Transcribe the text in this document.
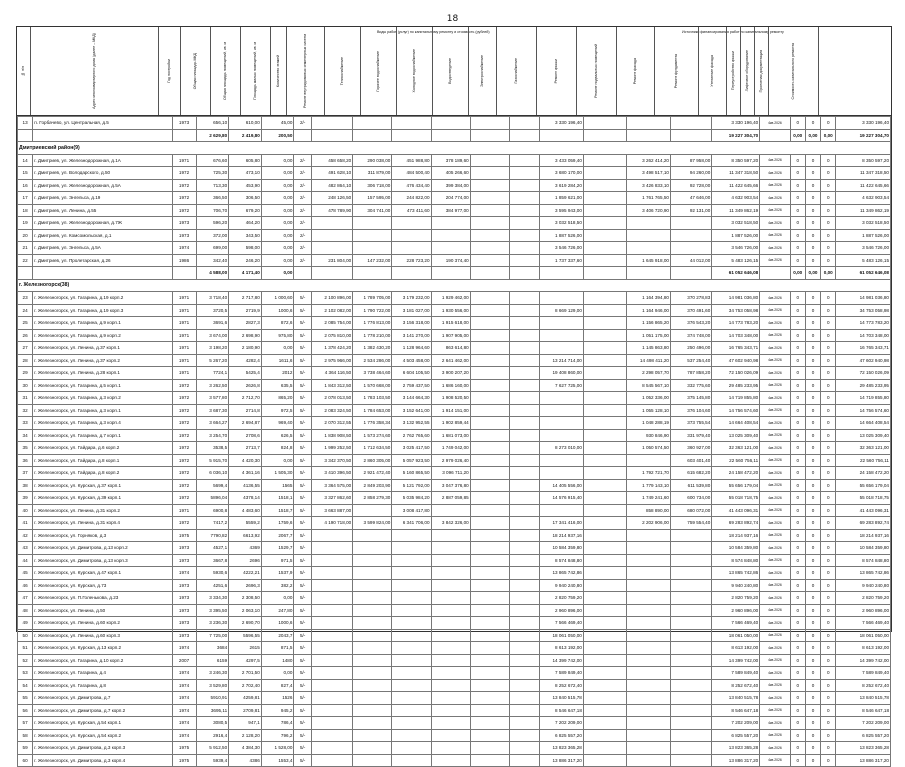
18
Виды работ (услуг) по капитальному ремонту и стоимость (рублей)	Источники финансирования работ по капитальному ремонту
№ п/п	Адрес многоквартирного дома (далее – МКД)	Год постройки	Общая площадь МКД	Общая площадь помещений, кв. м	Площадь жилых помещений, кв. м	Количество этажей	Ремонт внутридомовых инженерных систем	Теплоснабжение	Горячее водоснабжение	Холодное водоснабжение	Водоотведение	Электроснабжение	Газоснабжение	Ремонт крыши	Ремонт подвальных помещений	Ремонт фасада	Ремонт фундамента	Утепление фасада	Переустройство крыши	Лифтовое оборудование	Проектная документация	Стоимость капитального ремонта
13	п. Горбачево, ул. Центральная, д.5	1973	656,10	610,00	45,00	2/-							3 330 196,40				3 330 196,40	4кв.2026	0	0	0	3 330 196,40
			2 629,80	2 419,80	200,50												19 227 304,70		0,00	0,00	0,00	19 227 304,70
Дмитриевский район(9)																						
14	г. Дмитриев, ул. Железнодорожная, д.1А	1971	676,60	605,80	0,00	2/-	458 658,20	290 038,00	451 988,80	378 189,60			3 433 059,40		3 262 414,20	87 958,00	8 350 597,20	4кв.2026	0	0	0	8 350 597,20
15	г. Дмитриев, ул. Володарского, д.50	1972	725,30	473,10	0,00	2/-	491 628,10	311 879,00	484 500,40	405 266,60			3 680 170,00		3 498 517,10	94 260,00	11 347 318,50	4кв.2026	0	0	0	11 347 318,50
16	г. Дмитриев, ул. Железнодорожная, д.5А	1972	713,30	453,90	0,00	2/-	482 864,10	306 718,00	476 434,40	399 384,00			3 619 284,20		3 426 833,10	92 728,00	11 422 645,66	4кв.2026	0	0	0	11 422 645,66
17	г. Дмитриев, ул. Энгельса, д.19	1972	366,50	306,50	0,00	2/-	248 126,50	157 595,00	244 822,00	204 774,00			1 859 621,00		1 761 765,50	47 646,00	4 632 903,54	4кв.2026	0	0	0	4 632 903,54
18	г. Дмитриев, ул. Ленина, д.55	1972	706,70	679,20	0,00	2/-	478 789,90	304 741,00	473 411,60	384 977,00			3 595 943,00		3 406 720,90	92 131,00	11 349 862,19	4кв.2026	0	0	0	11 349 862,19
19	г. Дмитриев, ул. Железнодорожная, д.7Ж	1973	596,20	464,20	0,00	2/-							3 032 518,50				3 032 518,50	4кв.2026	0	0	0	3 032 518,50
20	г. Дмитриев, ул. Комсомольская, д.1	1973	372,00	343,50	0,00	2/-							1 887 526,00				1 887 526,00	4кв.2026	0	0	0	1 887 526,00
21	г. Дмитриев, ул. Энгельса, д.5А	1974	699,00	598,00	0,00	2/-							3 546 726,00				3 546 726,00	4кв.2026	0	0	0	3 546 726,00
22	г. Дмитриев, ул. Пролетарская, д.26	1986	342,40	246,20	0,00	2/-	231 804,00	147 232,00	228 723,20	190 374,40			1 737 337,60		1 645 918,00	44 012,00	5 483 126,15	4кв.2026	0	0	0	5 483 126,15
			4 588,00	4 171,40	0,00												61 052 646,08		0,00	0,00	0,00	61 052 646,08
г. Железногорск(38)																						
23	г. Железногорск, ул. Гагарина, д.19 корп.2	1971	3 718,40	2 717,80	1 000,60	5/-	2 100 896,00	1 789 705,00	3 179 232,00	1 929 462,00					1 164 394,80	370 278,83	14 981 036,80	4кв.2026	0	0	0	14 981 036,80
24	г. Железногорск, ул. Гагарина, д.19 корп.3	1971	3720,5	2719,9	1000,6	5/-	2 102 082,00	1 790 722,00	3 181 027,00	1 930 556,00			8 669 129,00		1 164 946,00	370 491,60	34 753 058,98	4кв.2026	0	0	0	34 753 058,98
25	г. Железногорск, ул. Гагарина, д.9 корп.1	1971	3691,6	2827,3	872,6	5/-	2 085 754,00	1 776 813,00	3 156 318,00	1 915 618,00					1 156 865,20	376 543,20	14 773 783,20	4кв.2026	0	0	0	14 773 783,20
26	г. Железногорск, ул. Гагарина, д.9 корп.2	1971	3 674,00	2 698,90	975,80	5/-	2 075 810,00	1 778 210,00	3 141 270,00	1 907 905,00					1 051 175,00	374 748,00	14 703 348,00	4кв.2026	0	0	0	14 703 348,00
27	г. Железногорск, ул. Ленина, д.37 корп.1	1971	3 198,20	2 180,90	0,00	5/-	1 378 424,20	1 382 430,20	1 128 964,60	863 614,80					1 145 863,80	250 496,00	16 765 343,71	4кв.2026	0	0	0	16 765 343,71
28	г. Железногорск, ул. Ленина, д.37 корп.2	1971	5 267,20	4282,4	1611,6	5/-	2 975 966,00	2 534 286,00	4 503 458,00	2 641 462,00			13 214 714,00		14 498 411,20	537 254,40	47 602 940,98	4кв.2026	0	0	0	47 602 940,98
29	г. Железногорск, ул. Ленина, д.28 корп.1	1971	7724,1	5425,4	2012	5/-	4 364 116,50	3 738 464,60	6 604 105,50	3 900 207,20			19 408 860,00		2 298 057,70	787 858,20	72 150 026,09	4кв.2026	0	0	0	72 150 026,09
30	г. Железногорск, ул. Гагарина, д.5 корп.1	1972	3 262,50	2626,8	635,5	5/-	1 843 312,50	1 570 668,00	2 759 437,50	1 686 160,00			7 627 725,00		8 545 567,10	332 775,60	29 485 233,95	4кв.2026	0	0	0	29 485 233,95
31	г. Железногорск, ул. Гагарина, д.3 корп.2	1972	3 577,80	2 712,70	865,20	5/-	2 078 013,50	1 783 103,50	3 144 664,30	1 908 520,50					1 052 336,00	375 145,80	14 719 855,80	4кв.2026	0	0	0	14 719 855,80
32	г. Железногорск, ул. Гагарина, д.3 корп.1	1972	3 687,30	2714,8	972,5	5/-	2 083 324,50	1 784 653,00	3 152 641,00	1 914 151,00					1 055 128,10	376 104,60	14 756 574,60	4кв.2026	0	0	0	14 756 574,60
33	г. Железногорск, ул. Гагарина, д.3 корп.4	1972	3 664,27	2 694,87	969,40	5/-	2 070 312,55	1 776 358,34	3 132 952,55	1 902 859,44					1 048 288,19	373 755,54	14 664 408,54	4кв.2026	0	0	0	14 664 408,54
34	г. Железногорск, ул. Гагарина, д.7 корп.1	1972	3 254,70	2708,6	626,5	5/-	1 838 908,50	1 573 274,60	2 762 765,60	1 681 073,00					930 846,90	331 979,40	13 025 309,40	4кв.2026	0	0	0	13 025 309,40
35	г. Железногорск, ул. Гайдара, д.6 корп.2	1972	3538,5	2713,7	824,8	5/-	1 999 252,50	1 712 634,50	3 025 417,50	1 749 042,00			8 273 010,00		1 050 574,50	360 927,00	32 363 121,00	4кв.2026	0	0	0	32 363 121,00
36	г. Железногорск, ул. Гайдара, д.8 корп.1	1972	5 915,70	4 420,30	0,00	5/-	3 342 370,50	2 860 305,00	5 057 923,50	2 979 026,40						603 401,40	22 560 756,11	4кв.2026	0	0	0	22 560 756,11
37	г. Железногорск, ул. Гайдара, д.8 корп.2	1972	6 036,10	4 361,16	1 505,30	5/-	3 410 396,50	2 921 472,40	5 160 865,50	3 096 711,20					1 792 721,70	615 682,20	24 158 472,20	4кв.2026	0	0	0	24 158 472,20
38	г. Железногорск, ул. Курская, д.37 корп.1	1972	5699,4	4136,55	1565	5/-	3 364 575,00	2 849 203,90	5 121 792,00	3 047 376,80			14 405 556,00		1 779 143,10	611 539,80	55 656 179,04	4кв.2026	0	0	0	55 656 179,04
39	г. Железногорск, ул. Курская, д.39 корп.1	1972	5896,04	4378,14	1518,1	5/-	3 327 862,60	2 858 279,30	5 035 984,20	2 887 059,85			14 576 915,40		1 749 241,60	600 734,00	55 018 718,75	4кв.2026	0	0	0	55 018 718,75
40	г. Железногорск, ул. Ленина, д.31 корп.2	1971	6900,8	4 483,60	1518,7	5/-	3 663 887,00		3 008 417,80						858 890,00	680 072,00	41 443 096,31	4кв.2026	0	0	0	41 443 096,31
41	г. Железногорск, ул. Ленина, д.31 корп.4	1972	7417,2	5559,2	1759,6	5/-	4 190 718,00	3 599 824,00	6 341 706,00	3 842 326,00			17 341 416,00		2 202 906,00	759 554,40	69 283 892,74	4кв.2026	0	0	0	69 283 892,74
42	г. Железногорск, ул. Горняков, д.3	1975	7790,82	6613,92	2067,7	5/-							18 214 937,16				18 214 937,16	4кв.2026	0	0	0	18 214 937,16
43	г. Железногорск, ул. Димитрова, д.13 корп.2	1973	4527,1	4369	1529,7	5/-							10 584 359,80				10 584 359,80	4кв.2026	0	0	0	10 584 359,80
44	г. Железногорск, ул. Димитрова, д.13 корп.3	1973	3667,8	2696	971,5	5/-							8 574 848,80				8 574 848,80	4кв.2026	0	0	0	8 574 848,80
45	г. Железногорск, ул. Курская, д.47 корп.1	1974	5930,6	4222,21	1537,9	5/-							13 865 742,86				13 865 742,86	4кв.2026	0	0	0	13 865 742,86
46	г. Железногорск, ул. Курская, д.73	1973	4251,6	2696,3	382,2	5/-							9 940 240,80				9 940 240,80	4кв.2026	0	0	0	9 940 240,80
47	г. Железногорск, ул. П.Голенькова, д.23	1973	3 334,30	2 308,50	0,00	5/-							2 820 759,20				2 820 759,20	4кв.2026	0	0	0	2 820 759,20
48	г. Железногорск, ул. Ленина, д.50	1973	3 395,50	2 063,10	247,80	5/-							2 960 896,00				2 960 896,00	4кв.2026	0	0	0	2 960 896,00
49	г. Железногорск, ул. Ленина, д.60 корп.2	1973	3 236,30	2 690,70	1000,6	5/-							7 566 469,40				7 566 469,40	4кв.2026	0	0	0	7 566 469,40
50	г. Железногорск, ул. Ленина, д.60 корп.3	1973	7 725,00	5596,55	2043,7	5/-							18 061 050,00				18 061 050,00	4кв.2026	0	0	0	18 061 050,00
51	г. Железногорск, ул. Курская, д.13 корп.2	1974	3684	2615	871,5	5/-							8 613 192,00				8 613 192,00	4кв.2026	0	0	0	8 613 192,00
52	г. Железногорск, ул. Гагарина, д.10 корп.2	2007	6159	4297,5	1480	5/-							14 399 742,00				14 399 742,00	4кв.2026	0	0	0	14 399 742,00
53	г. Железногорск, ул. Гагарина, д.4	1974	3 246,30	2 701,50	0,00	5/-							7 589 849,40				7 589 849,40	4кв.2026	0	0	0	7 589 849,40
54	г. Железногорск, ул. Гагарина, д.8	1974	3 529,80	2 702,40	827,4	5/-							8 252 672,40				8 252 672,40	4кв.2026	0	0	0	8 252 672,40
55	г. Железногорск, ул. Димитрова, д.7	1974	5910,91	4259,81	1526	5/-							13 840 515,78				13 840 515,78	4кв.2026	0	0	0	13 840 515,78
56	г. Железногорск, ул. Димитрова, д.7 корп.2	1974	3695,11	2709,81	945,2	5/-							8 546 647,18				8 546 647,18	4кв.2026	0	0	0	8 546 647,18
57	г. Железногорск, ул. Курская, д.54 корп.1	1974	3080,5	947,1	786,4	5/-							7 202 209,00				7 202 209,00	4кв.2026	0	0	0	7 202 209,00
58	г. Железногорск, ул. Курская, д.54 корп.2	1974	2916,4	2 128,20	796,2	5/-							6 825 557,20				6 825 557,20	4кв.2026	0	0	0	6 825 557,20
59	г. Железногорск, ул. Димитрова, д.3 корп.3	1975	5 912,50	4 384,30	1 528,00	5/-							13 823 365,28				13 823 365,28	4кв.2026	0	0	0	13 823 365,28
60	г. Железногорск, ул. Димитрова, д.3 корп.4	1975	5939,4	4386	1553,4	5/-							13 886 317,20				13 886 317,20	4кв.2026	0	0	0	13 886 317,20
